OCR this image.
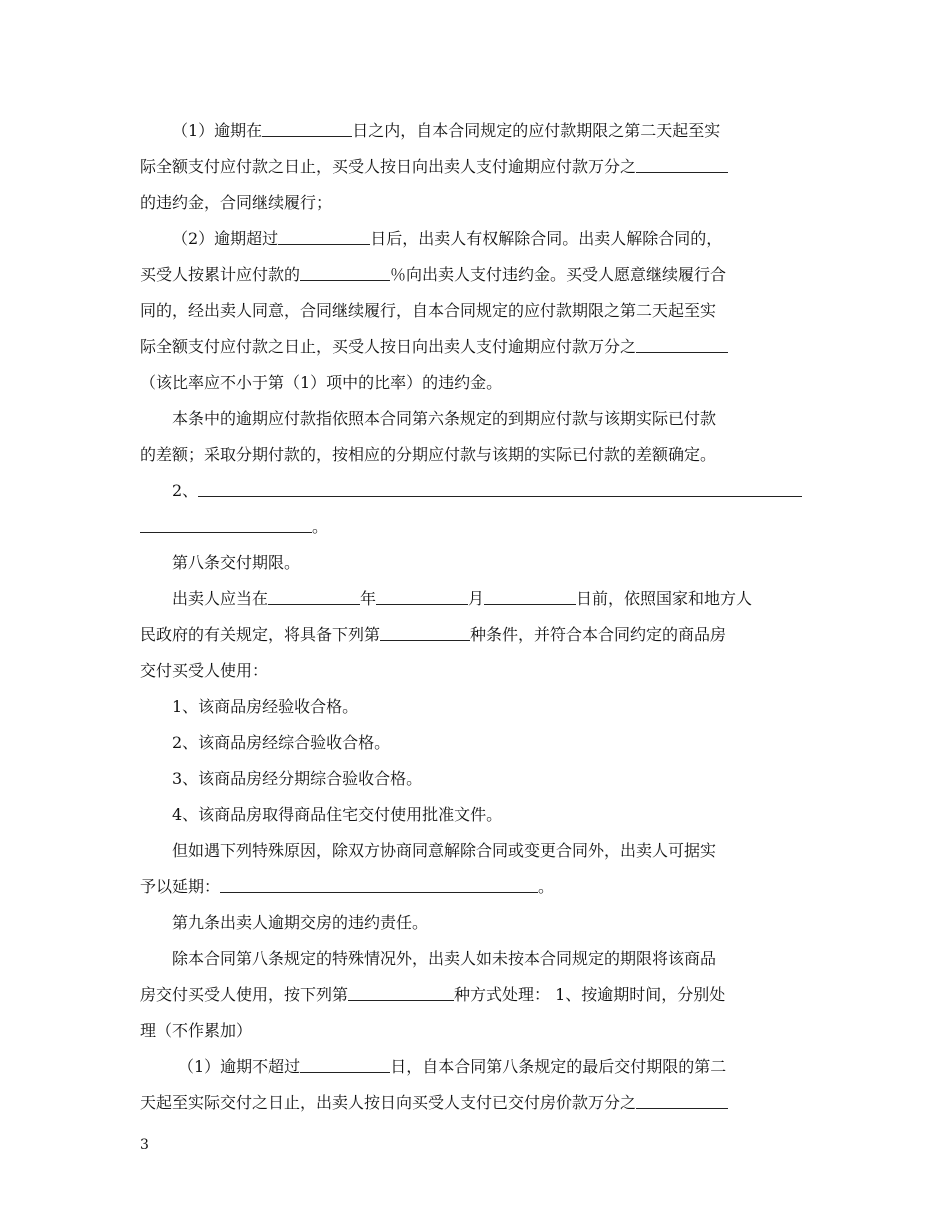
（1）逾期在	日之内，自本合同规定的应付款期限之第二天起至实
际全额支付应付款之日止，买受人按日向出卖人支付逾期应付款万分之
的违约金，合同继续履行；
（2）逾期超过	日后，出卖人有权解除合同。出卖人解除合同的，
买受人按累计应付款的	％向出卖人支付违约金。买受人愿意继续履行合
同的，经出卖人同意，合同继续履行，自本合同规定的应付款期限之第二天起至实
际全额支付应付款之日止，买受人按日向出卖人支付逾期应付款万分之
（该比率应不小于第（1）项中的比率）的违约金。
本条中的逾期应付款指依照本合同第六条规定的到期应付款与该期实际已付款
的差额；采取分期付款的，按相应的分期应付款与该期的实际已付款的差额确定。
2、
。
第八条交付期限。
出卖人应当在	年	月	日前，依照国家和地方人
民政府的有关规定，将具备下列第	种条件，并符合本合同约定的商品房
交付买受人使用：
1、该商品房经验收合格。
2、该商品房经综合验收合格。
3、该商品房经分期综合验收合格。
4、该商品房取得商品住宅交付使用批准文件。
但如遇下列特殊原因，除双方协商同意解除合同或变更合同外，出卖人可据实
予以延期：	。
第九条出卖人逾期交房的违约责任。
除本合同第八条规定的特殊情况外，出卖人如未按本合同规定的期限将该商品
房交付买受人使用，按下列第	种方式处理： 1、按逾期时间，分别处
理（不作累加）
（1）逾期不超过	日，自本合同第八条规定的最后交付期限的第二
天起至实际交付之日止，出卖人按日向买受人支付已交付房价款万分之
3
